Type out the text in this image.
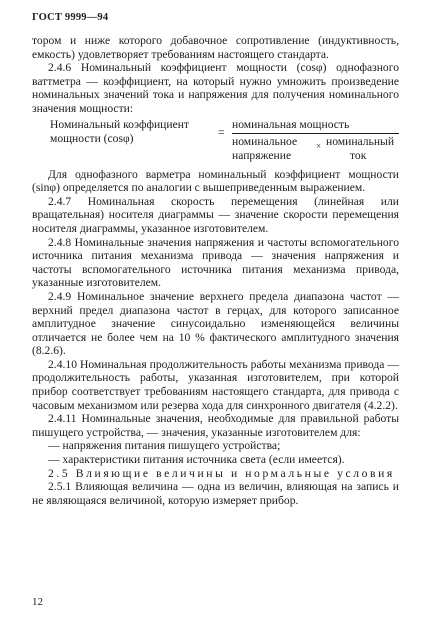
ГОСТ 9999—94

тором и ниже которого добавочное сопротивление (индуктивность, емкость) удовлетворяет требованиям настоящего стандарта.

2.4.6 Номинальный коэффициент мощности (cosφ) однофазного ваттметра — коэффициент, на который нужно умножить произведение номинальных значений тока и напряжения для получения номинального значения мощности:

Номинальный коэффициент
мощности (cosφ)	=
номинальная мощность
номинальное
напряжение
× номинальный
ток

Для однофазного варметра номинальный коэффициент мощности (sinφ) определяется по аналогии с вышеприведенным выражением.

2.4.7 Номинальная скорость перемещения (линейная или вращательная) носителя диаграммы — значение скорости перемещения носителя диаграммы, указанное изготовителем.

2.4.8 Номинальные значения напряжения и частоты вспомогательного источника питания механизма привода — значения напряжения и частоты вспомогательного источника питания механизма привода, указанные изготовителем.

2.4.9 Номинальное значение верхнего предела диапазона частот — верхний предел диапазона частот в герцах, для которого записанное амплитудное значение синусоидально изменяющейся величины отличается не более чем на 10 % фактического амплитудного значения (8.2.6).

2.4.10 Номинальная продолжительность работы механизма привода — продолжительность работы, указанная изготовителем, при которой прибор соответствует требованиям настоящего стандарта, для привода с часовым механизмом или резерва хода для синхронного двигателя (4.2.2).

2.4.11 Номинальные значения, необходимые для правильной работы пишущего устройства, — значения, указанные изготовителем для:

— напряжения питания пишущего устройства;

— характеристики питания источника света (если имеется).

2.5 Влияющие величины и нормальные условия

2.5.1 Влияющая величина — одна из величин, влияющая на запись и не являющаяся величиной, которую измеряет прибор.

12
